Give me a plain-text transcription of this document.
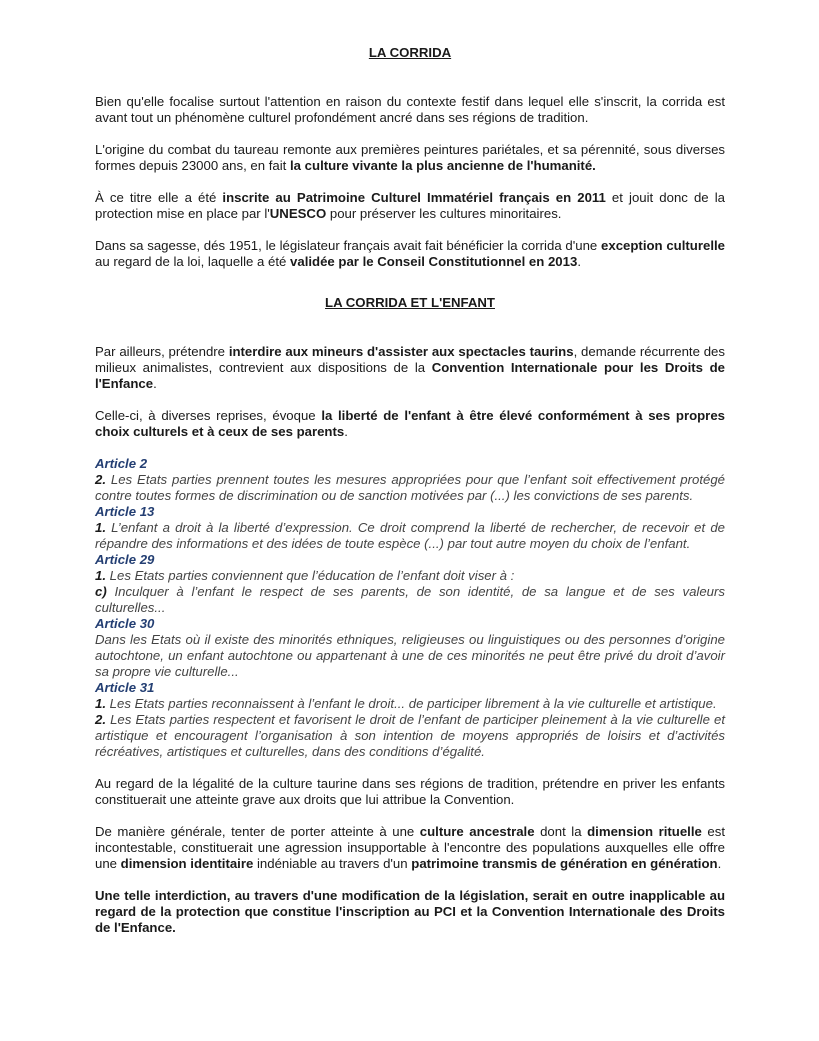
LA CORRIDA

Bien qu'elle focalise surtout l'attention en raison du contexte festif dans lequel elle s'inscrit, la corrida est avant tout un phénomène culturel profondément ancré dans ses régions de tradition.

L'origine du combat du taureau remonte aux premières peintures pariétales, et sa pérennité, sous diverses formes depuis 23000 ans, en fait la culture vivante la plus ancienne de l'humanité.

À ce titre elle a été inscrite au Patrimoine Culturel Immatériel français en 2011 et jouit donc de la protection mise en place par l'UNESCO pour préserver les cultures minoritaires.

Dans sa sagesse, dés 1951, le législateur français avait fait bénéficier la corrida d'une exception culturelle au regard de la loi, laquelle a été validée par le Conseil Constitutionnel en 2013.

LA CORRIDA ET L'ENFANT

Par ailleurs, prétendre interdire aux mineurs d'assister aux spectacles taurins, demande récurrente des milieux animalistes, contrevient aux dispositions de la Convention Internationale pour les Droits de l'Enfance.

Celle-ci, à diverses reprises, évoque la liberté de l'enfant à être élevé conformément à ses propres choix culturels et à ceux de ses parents.

Article 2
2. Les Etats parties prennent toutes les mesures appropriées pour que l’enfant soit effectivement protégé contre toutes formes de discrimination ou de sanction motivées par (...) les convictions de ses parents.
Article 13
1. L’enfant a droit à la liberté d’expression. Ce droit comprend la liberté de rechercher, de recevoir et de répandre des informations et des idées de toute espèce (...) par tout autre moyen du choix de l’enfant.
Article 29
1. Les Etats parties conviennent que l’éducation de l’enfant doit viser à :
c) Inculquer à l’enfant le respect de ses parents, de son identité, de sa langue et de ses valeurs culturelles...
Article 30
Dans les Etats où il existe des minorités ethniques, religieuses ou linguistiques ou des personnes d’origine autochtone, un enfant autochtone ou appartenant à une de ces minorités ne peut être privé du droit d’avoir sa propre vie culturelle...
Article 31
1. Les Etats parties reconnaissent à l’enfant le droit... de participer librement à la vie culturelle et artistique.
2. Les Etats parties respectent et favorisent le droit de l’enfant de participer pleinement à la vie culturelle et artistique et encouragent l’organisation à son intention de moyens appropriés de loisirs et d’activités récréatives, artistiques et culturelles, dans des conditions d’égalité.

Au regard de la légalité de la culture taurine dans ses régions de tradition, prétendre en priver les enfants constituerait une atteinte grave aux droits que lui attribue la Convention.

De manière générale, tenter de porter atteinte à une culture ancestrale dont la dimension rituelle est incontestable, constituerait une agression insupportable à l'encontre des populations auxquelles elle offre une dimension identitaire indéniable au travers d'un patrimoine transmis de génération en génération.

Une telle interdiction, au travers d'une modification de la législation, serait en outre inapplicable au regard de la protection que constitue l'inscription au PCI et la Convention Internationale des Droits de l'Enfance.
